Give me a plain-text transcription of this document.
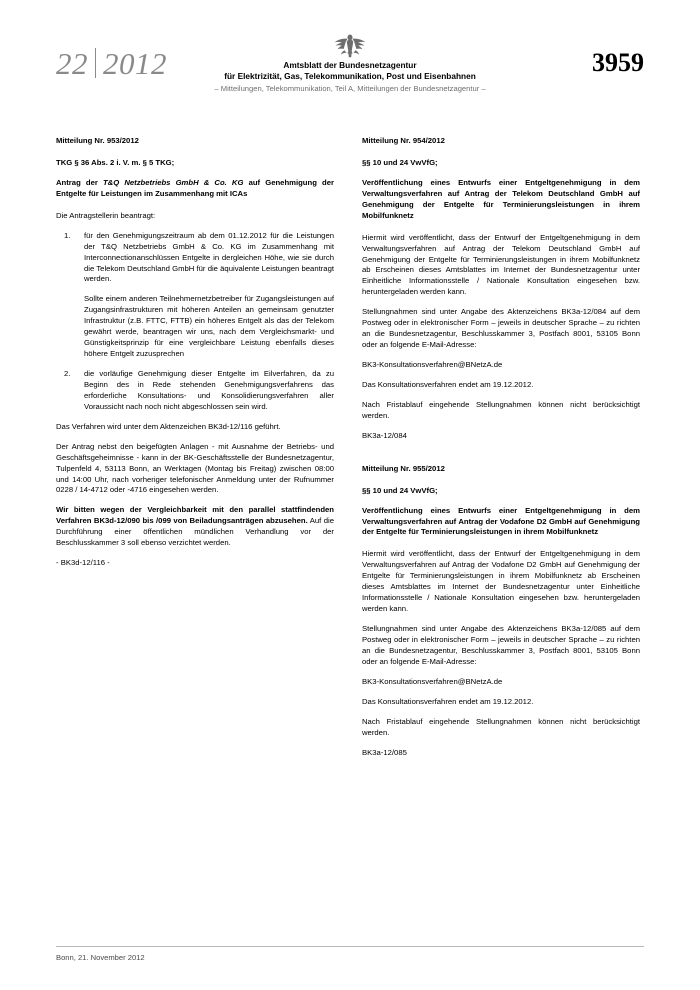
22 2012	Amtsblatt der Bundesnetzagentur
für Elektrizität, Gas, Telekommunikation, Post und Eisenbahnen
– Mitteilungen, Telekommunikation, Teil A, Mitteilungen der Bundesnetzagentur –
3959
Mitteilung Nr. 953/2012
TKG § 36 Abs. 2 i. V. m. § 5 TKG;
Antrag der T&Q Netzbetriebs GmbH & Co. KG auf Genehmigung der Entgelte für Leistungen im Zusammenhang mit ICAs

Die Antragstellerin beantragt:

1.	für den Genehmigungszeitraum ab dem 01.12.2012 für die Leistungen der T&Q Netzbetriebs GmbH & Co. KG im Zusammenhang mit Interconnectionanschlüssen Entgelte in dergleichen Höhe, wie sie durch die Telekom Deutschland GmbH für die äquivalente Leistungen beantragt werden.

Sollte einem anderen Teilnehmernetzbetreiber für Zugangsleistungen auf Zugangsinfrastrukturen mit höheren Anteilen an gemeinsam genutzter Infrastruktur (z.B. FTTC, FTTB) ein höheres Entgelt als das der Telekom gewährt werde, beantragen wir uns, nach dem Vergleichsmarkt- und Günstigkeitsprinzip für eine vergleichbare Leistung ebenfalls dieses höhere Entgelt zuzusprechen

2.	die vorläufige Genehmigung dieser Entgelte im Eilverfahren, da zu Beginn des in Rede stehenden Genehmigungsverfahrens das erforderliche Konsultations- und Konsolidierungsverfahren aller Voraussicht nach noch nicht abgeschlossen sein wird.

Das Verfahren wird unter dem Aktenzeichen BK3d-12/116 geführt.

Der Antrag nebst den beigefügten Anlagen - mit Ausnahme der Betriebs- und Geschäftsgeheimnisse - kann in der BK-Geschäftsstelle der Bundesnetzagentur, Tulpenfeld 4, 53113 Bonn, an Werktagen (Montag bis Freitag) zwischen 08:00 und 14:00 Uhr, nach vorheriger telefonischer Anmeldung unter der Rufnummer 0228 / 14-4712 oder -4716 eingesehen werden.

Wir bitten wegen der Vergleichbarkeit mit den parallel stattfindenden Verfahren BK3d-12/090 bis /099 von Beiladungsanträgen abzusehen. Auf die Durchführung einer öffentlichen mündlichen Verhandlung vor der Beschlusskammer 3 soll ebenso verzichtet werden.

- BK3d-12/116 -

Mitteilung Nr. 954/2012
§§ 10 und 24 VwVfG;
Veröffentlichung eines Entwurfs einer Entgeltgenehmigung in dem Verwaltungsverfahren auf Antrag der Telekom Deutschland GmbH auf Genehmigung der Entgelte für Terminierungsleistungen in ihrem Mobilfunknetz

Hiermit wird veröffentlicht, dass der Entwurf der Entgeltgenehmigung in dem Verwaltungsverfahren auf Antrag der Telekom Deutschland GmbH auf Genehmigung der Entgelte für Terminierungsleistungen in ihrem Mobilfunknetz ab Erscheinen dieses Amtsblattes im Internet der Bundesnetzagentur unter Einheitliche Informationsstelle / Nationale Konsultation eingesehen bzw. heruntergeladen werden kann.

Stellungnahmen sind unter Angabe des Aktenzeichens BK3a-12/084 auf dem Postweg oder in elektronischer Form – jeweils in deutscher Sprache – zu richten an die Bundesnetzagentur, Beschlusskammer 3, Postfach 8001, 53105 Bonn oder an folgende E-Mail-Adresse:

BK3-Konsultationsverfahren@BNetzA.de

Das Konsultationsverfahren endet am 19.12.2012.

Nach Fristablauf eingehende Stellungnahmen können nicht berücksichtigt werden.

BK3a-12/084

Mitteilung Nr. 955/2012
§§ 10 und 24 VwVfG;
Veröffentlichung eines Entwurfs einer Entgeltgenehmigung in dem Verwaltungsverfahren auf Antrag der Vodafone D2 GmbH auf Genehmigung der Entgelte für Terminierungsleistungen in ihrem Mobilfunknetz

Hiermit wird veröffentlicht, dass der Entwurf der Entgeltgenehmigung in dem Verwaltungsverfahren auf Antrag der Vodafone D2 GmbH auf Genehmigung der Entgelte für Terminierungsleistungen in ihrem Mobilfunknetz ab Erscheinen dieses Amtsblattes im Internet der Bundesnetzagentur unter Einheitliche Informationsstelle / Nationale Konsultation eingesehen bzw. heruntergeladen werden kann.

Stellungnahmen sind unter Angabe des Aktenzeichens BK3a-12/085 auf dem Postweg oder in elektronischer Form – jeweils in deutscher Sprache – zu richten an die Bundesnetzagentur, Beschlusskammer 3, Postfach 8001, 53105 Bonn oder an folgende E-Mail-Adresse:

BK3-Konsultationsverfahren@BNetzA.de

Das Konsultationsverfahren endet am 19.12.2012.

Nach Fristablauf eingehende Stellungnahmen können nicht berücksichtigt werden.

BK3a-12/085

Bonn, 21. November 2012
